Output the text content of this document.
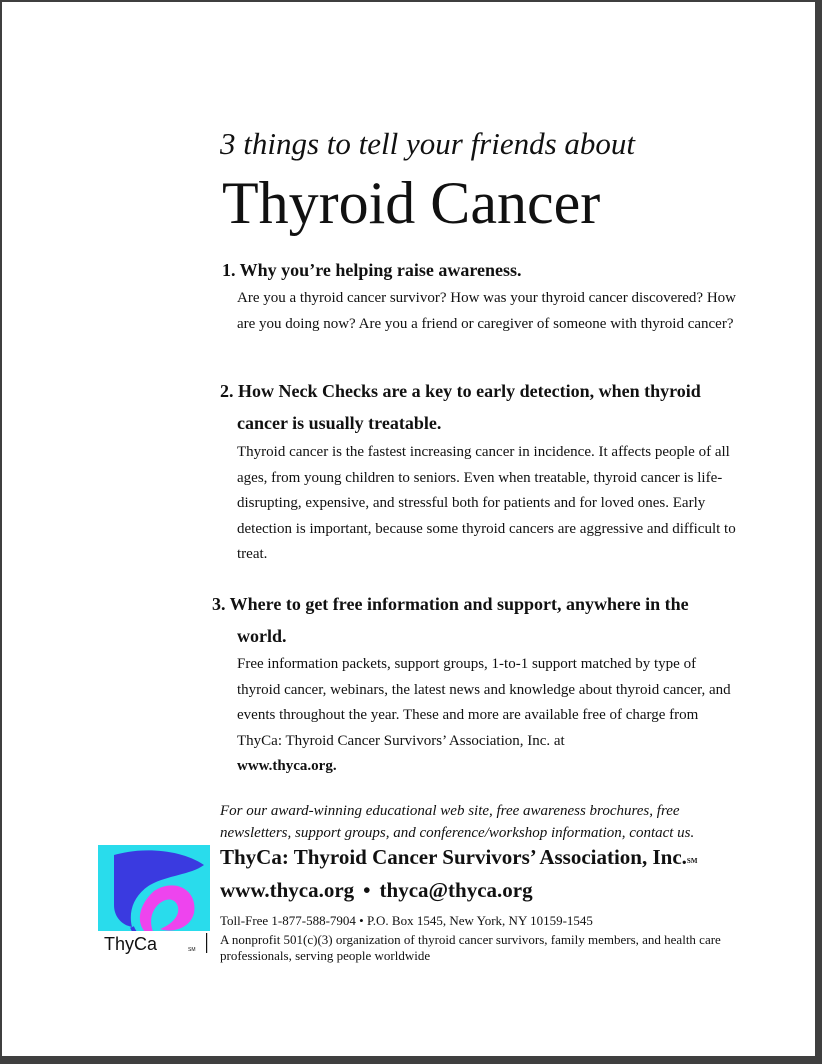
3 things to tell your friends about
Thyroid Cancer
1. Why you’re helping raise awareness.
Are you a thyroid cancer survivor? How was your thyroid cancer discovered? How are you doing now? Are you a friend or caregiver of someone with thyroid cancer?
2. How Neck Checks are a key to early detection, when thyroid
cancer is usually treatable.
Thyroid cancer is the fastest increasing cancer in incidence. It affects people of all ages, from young children to seniors. Even when treatable, thyroid cancer is life-disrupting, expensive, and stressful both for patients and for loved ones. Early detection is important, because some thyroid cancers are aggressive and difficult to treat.
3. Where to get free information and support, anywhere in the
world.
Free information packets, support groups, 1-to-1 support matched by type of thyroid cancer, webinars, the latest news and knowledge about thyroid cancer, and events throughout the year. These and more are available free of charge from ThyCa: Thyroid Cancer Survivors’ Association, Inc. at
www.thyca.org.
For our award-winning educational web site, free awareness brochures, free
newsletters, support groups, and conference/workshop information, contact us.
ThyCa	SM
ThyCa: Thyroid Cancer Survivors’ Association, Inc.℠
www.thyca.org • thyca@thyca.org
Toll-Free 1-877-588-7904 • P.O. Box 1545, New York, NY 10159-1545
A nonprofit 501(c)(3) organization of thyroid cancer survivors, family members, and health care professionals, serving people worldwide
